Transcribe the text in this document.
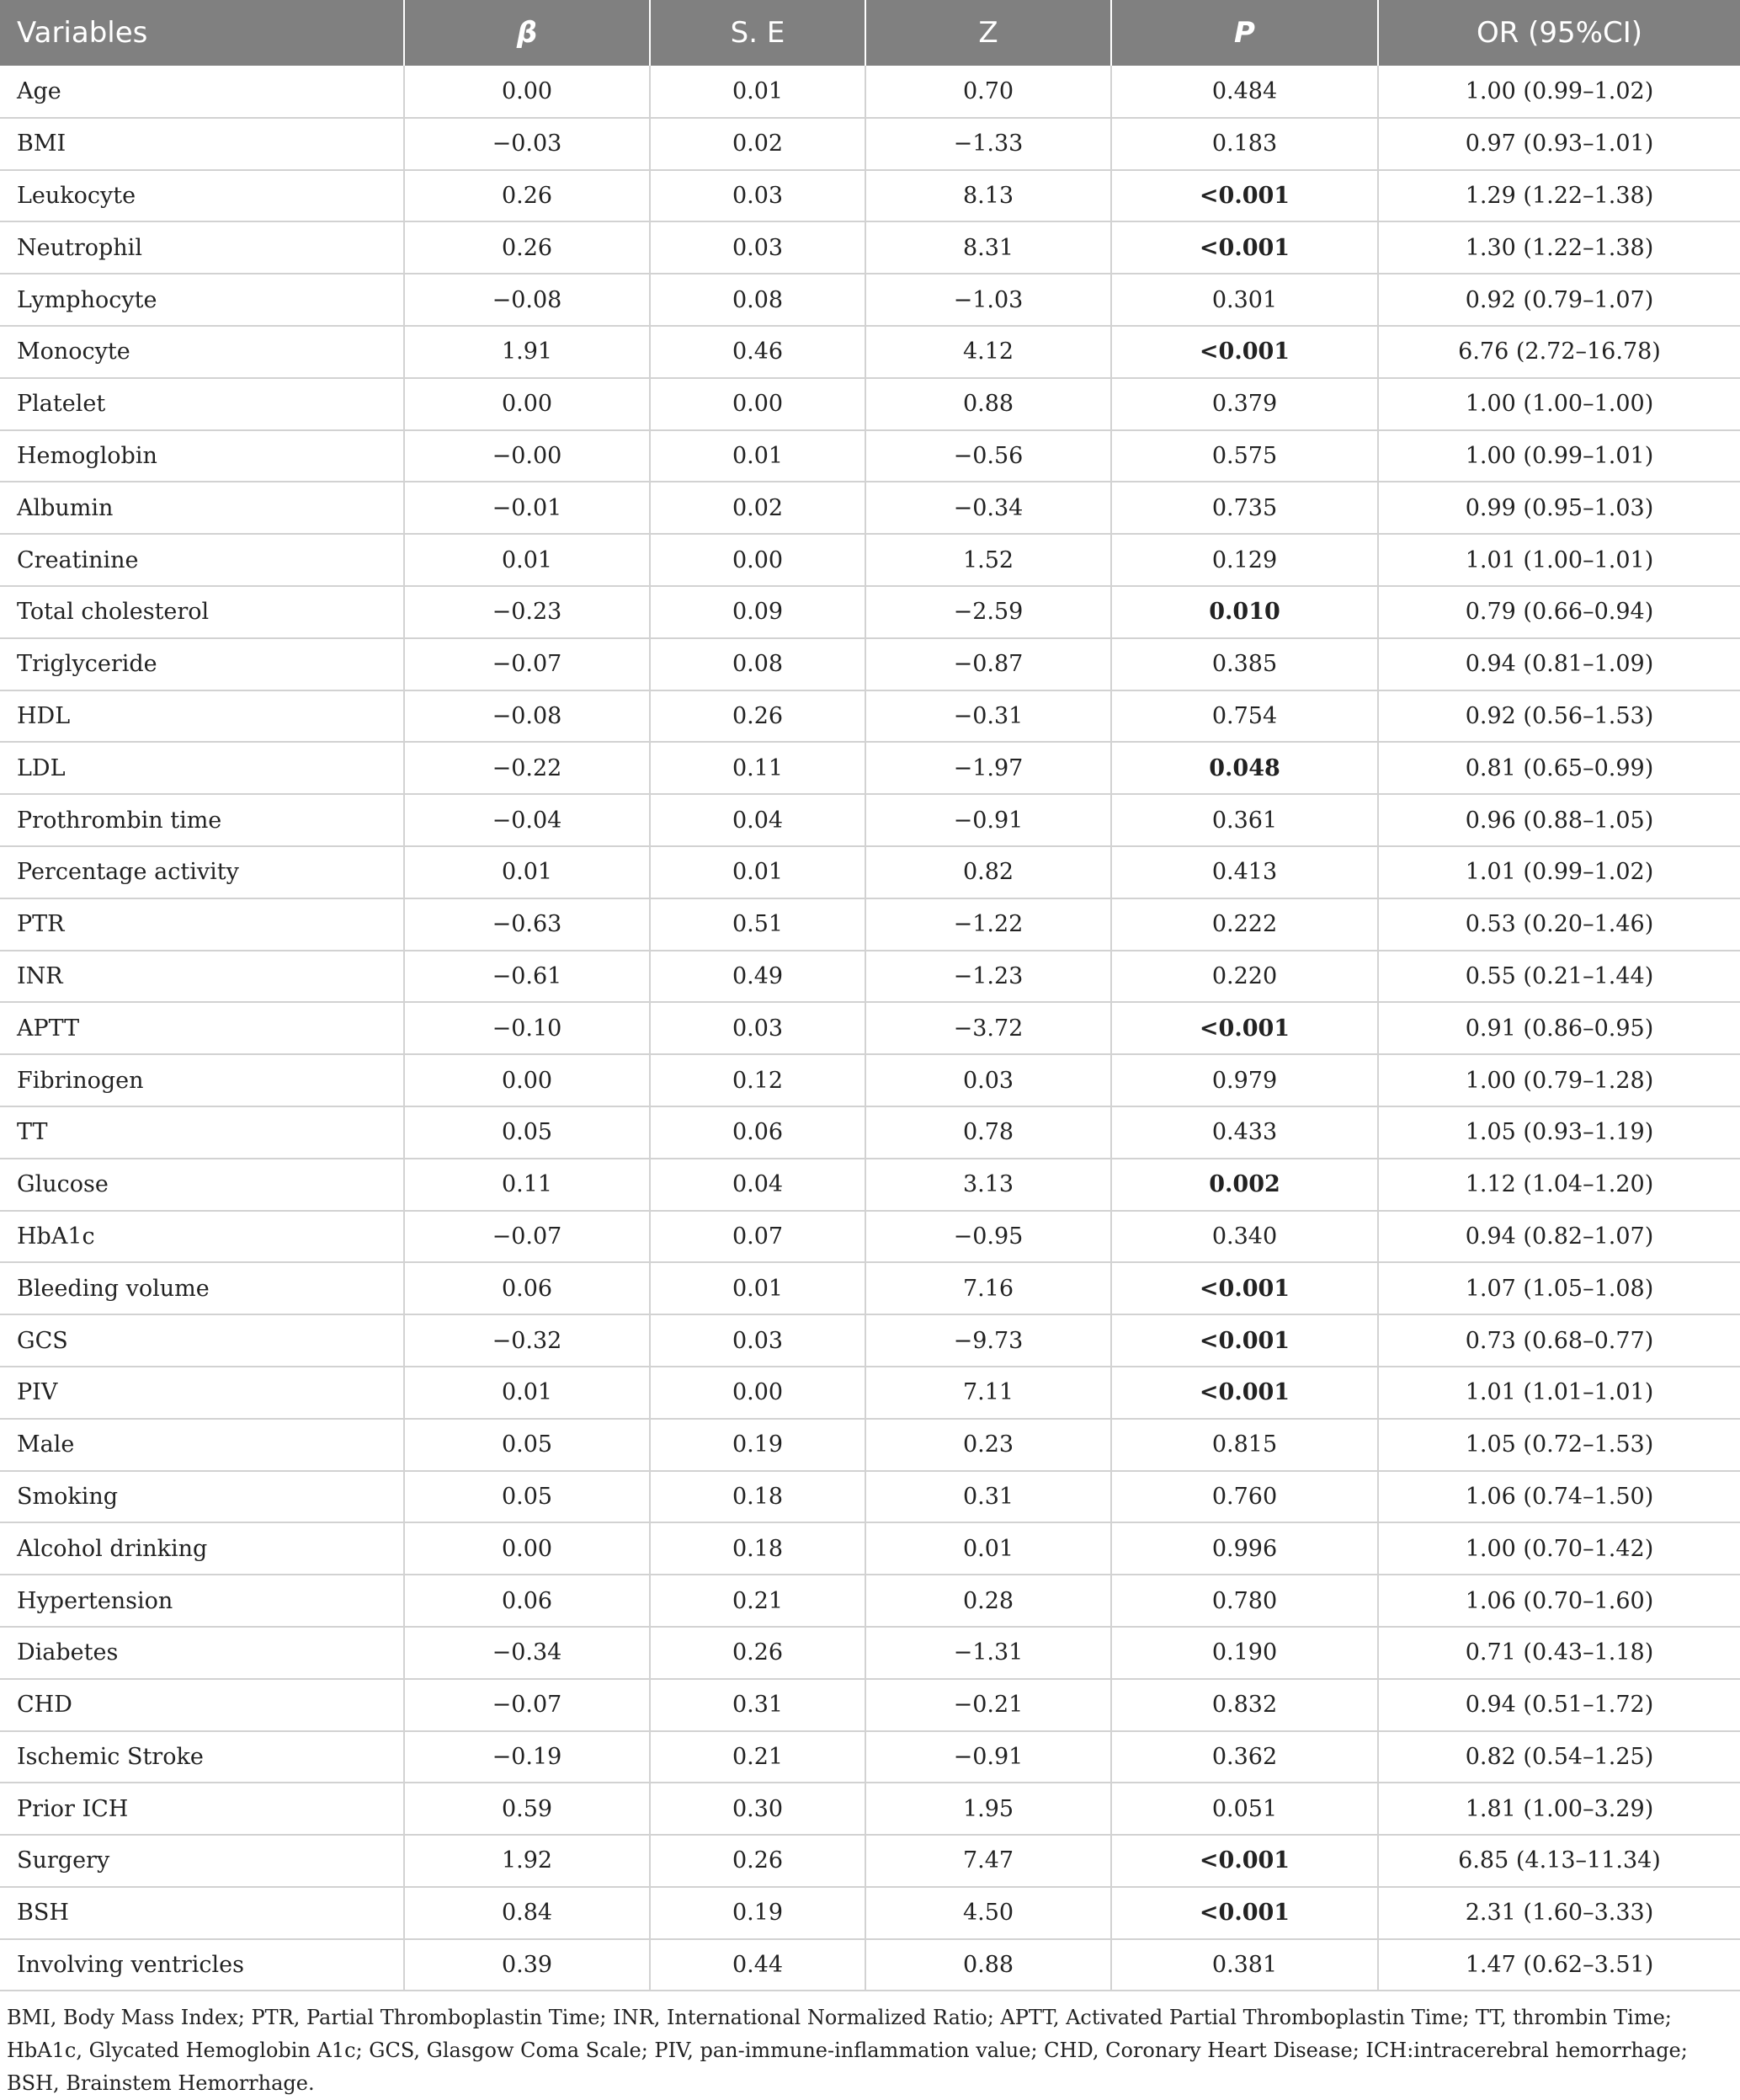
Variables	β	S. E	Z	P	OR (95%CI)
Age	0.00	0.01	0.70	0.484	1.00 (0.99–1.02)
BMI	−0.03	0.02	−1.33	0.183	0.97 (0.93–1.01)
Leukocyte	0.26	0.03	8.13	<0.001	1.29 (1.22–1.38)
Neutrophil	0.26	0.03	8.31	<0.001	1.30 (1.22–1.38)
Lymphocyte	−0.08	0.08	−1.03	0.301	0.92 (0.79–1.07)
Monocyte	1.91	0.46	4.12	<0.001	6.76 (2.72–16.78)
Platelet	0.00	0.00	0.88	0.379	1.00 (1.00–1.00)
Hemoglobin	−0.00	0.01	−0.56	0.575	1.00 (0.99–1.01)
Albumin	−0.01	0.02	−0.34	0.735	0.99 (0.95–1.03)
Creatinine	0.01	0.00	1.52	0.129	1.01 (1.00–1.01)
Total cholesterol	−0.23	0.09	−2.59	0.010	0.79 (0.66–0.94)
Triglyceride	−0.07	0.08	−0.87	0.385	0.94 (0.81–1.09)
HDL	−0.08	0.26	−0.31	0.754	0.92 (0.56–1.53)
LDL	−0.22	0.11	−1.97	0.048	0.81 (0.65–0.99)
Prothrombin time	−0.04	0.04	−0.91	0.361	0.96 (0.88–1.05)
Percentage activity	0.01	0.01	0.82	0.413	1.01 (0.99–1.02)
PTR	−0.63	0.51	−1.22	0.222	0.53 (0.20–1.46)
INR	−0.61	0.49	−1.23	0.220	0.55 (0.21–1.44)
APTT	−0.10	0.03	−3.72	<0.001	0.91 (0.86–0.95)
Fibrinogen	0.00	0.12	0.03	0.979	1.00 (0.79–1.28)
TT	0.05	0.06	0.78	0.433	1.05 (0.93–1.19)
Glucose	0.11	0.04	3.13	0.002	1.12 (1.04–1.20)
HbA1c	−0.07	0.07	−0.95	0.340	0.94 (0.82–1.07)
Bleeding volume	0.06	0.01	7.16	<0.001	1.07 (1.05–1.08)
GCS	−0.32	0.03	−9.73	<0.001	0.73 (0.68–0.77)
PIV	0.01	0.00	7.11	<0.001	1.01 (1.01–1.01)
Male	0.05	0.19	0.23	0.815	1.05 (0.72–1.53)
Smoking	0.05	0.18	0.31	0.760	1.06 (0.74–1.50)
Alcohol drinking	0.00	0.18	0.01	0.996	1.00 (0.70–1.42)
Hypertension	0.06	0.21	0.28	0.780	1.06 (0.70–1.60)
Diabetes	−0.34	0.26	−1.31	0.190	0.71 (0.43–1.18)
CHD	−0.07	0.31	−0.21	0.832	0.94 (0.51–1.72)
Ischemic Stroke	−0.19	0.21	−0.91	0.362	0.82 (0.54–1.25)
Prior ICH	0.59	0.30	1.95	0.051	1.81 (1.00–3.29)
Surgery	1.92	0.26	7.47	<0.001	6.85 (4.13–11.34)
BSH	0.84	0.19	4.50	<0.001	2.31 (1.60–3.33)
Involving ventricles	0.39	0.44	0.88	0.381	1.47 (0.62–3.51)
BMI, Body Mass Index; PTR, Partial Thromboplastin Time; INR, International Normalized Ratio; APTT, Activated Partial Thromboplastin Time; TT, thrombin Time; HbA1c, Glycated Hemoglobin A1c; GCS, Glasgow Coma Scale; PIV, pan-immune-inflammation value; CHD, Coronary Heart Disease; ICH:intracerebral hemorrhage; BSH, Brainstem Hemorrhage.
